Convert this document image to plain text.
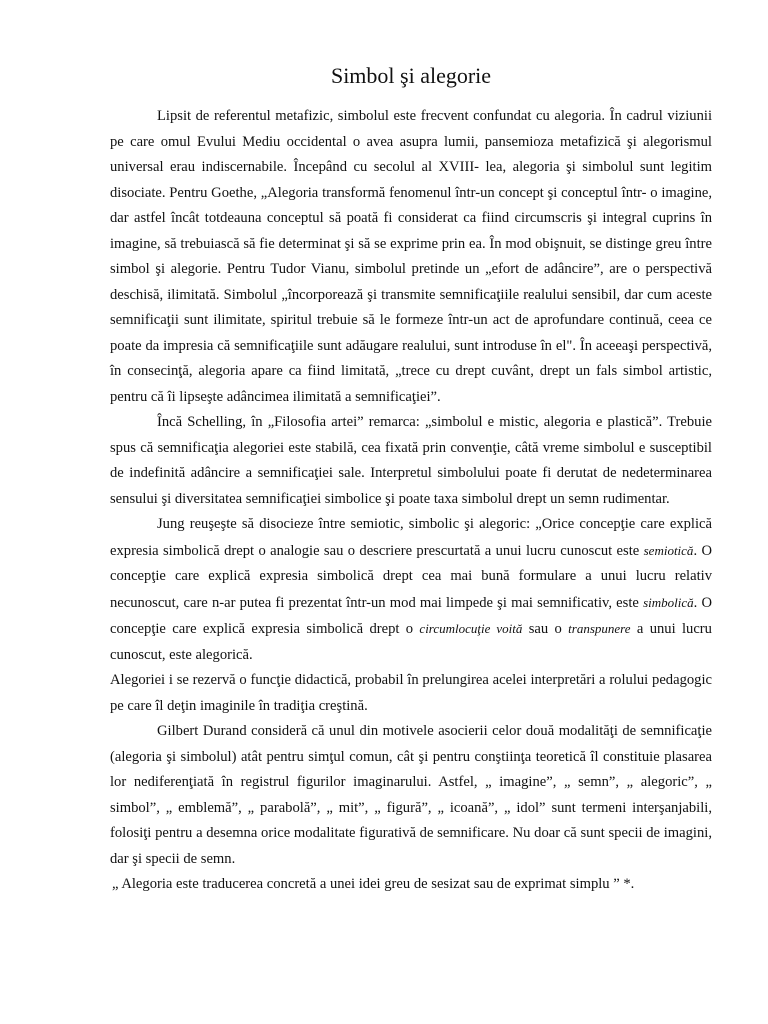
Simbol şi alegorie

Lipsit de referentul metafizic, simbolul este frecvent confundat cu alegoria. În cadrul viziunii pe care omul Evului Mediu occidental o avea asupra lumii, pansemioza metafizică şi alegorismul universal erau indiscernabile. Începând cu secolul al XVIII- lea, alegoria şi simbolul sunt legitim disociate. Pentru Goethe, „Alegoria transformă fenomenul într-un concept şi conceptul într- o imagine, dar astfel încât totdeauna conceptul să poată fi considerat ca fiind circumscris şi integral cuprins în imagine, să trebuiască să fie determinat şi să se exprime prin ea. În mod obişnuit, se distinge greu între simbol şi alegorie. Pentru Tudor Vianu, simbolul pretinde un „efort de adâncire”, are o perspectivă deschisă, ilimitată. Simbolul „încorporează şi transmite semnificaţiile realului sensibil, dar cum aceste semnificaţii sunt ilimitate, spiritul trebuie să le formeze într-un act de aprofundare continuă, ceea ce poate da impresia că semnificaţiile sunt adăugare realului, sunt introduse în el". În aceeaşi perspectivă, în consecinţă, alegoria apare ca fiind limitată, „trece cu drept cuvânt, drept un fals simbol artistic, pentru că îi lipseşte adâncimea ilimitată a semnificaţiei”.

Încă Schelling, în „Filosofia artei” remarca: „simbolul e mistic, alegoria e plastică”. Trebuie spus că semnificaţia alegoriei este stabilă, cea fixată prin convenţie, câtă vreme simbolul e susceptibil de indefinită adâncire a semnificaţiei sale. Interpretul simbolului poate fi derutat de nedeterminarea sensului şi diversitatea semnificaţiei simbolice şi poate taxa simbolul drept un semn rudimentar.

Jung reuşeşte să disocieze între semiotic, simbolic şi alegoric: „Orice concepţie care explică expresia simbolică drept o analogie sau o descriere prescurtată a unui lucru cunoscut este semiotică. O concepţie care explică expresia simbolică drept cea mai bună formulare a unui lucru relativ necunoscut, care n-ar putea fi prezentat într-un mod mai limpede şi mai semnificativ, este simbolică. O concepţie care explică expresia simbolică drept o circumlocuţie voită sau o transpunere a unui lucru cunoscut, este alegorică.

Alegoriei i se rezervă o funcţie didactică, probabil în prelungirea acelei interpretări a rolului pedagogic pe care îl deţin imaginile în tradiţia creştină.

Gilbert Durand consideră că unul din motivele asocierii celor două modalităţi de semnificaţie (alegoria şi simbolul) atât pentru simţul comun, cât şi pentru conştiinţa teoretică îl constituie plasarea lor nediferenţiată în registrul figurilor imaginarului. Astfel, „ imagine”, „ semn”, „ alegoric”, „ simbol”, „ emblemă”, „ parabolă”, „ mit”, „ figură”, „ icoană”, „ idol” sunt termeni interşanjabili, folosiţi pentru a desemna orice modalitate figurativă de semnificare. Nu doar că sunt specii de imagini, dar şi specii de semn.

„ Alegoria este traducerea concretă a unei idei greu de sesizat sau de exprimat simplu ” *.
